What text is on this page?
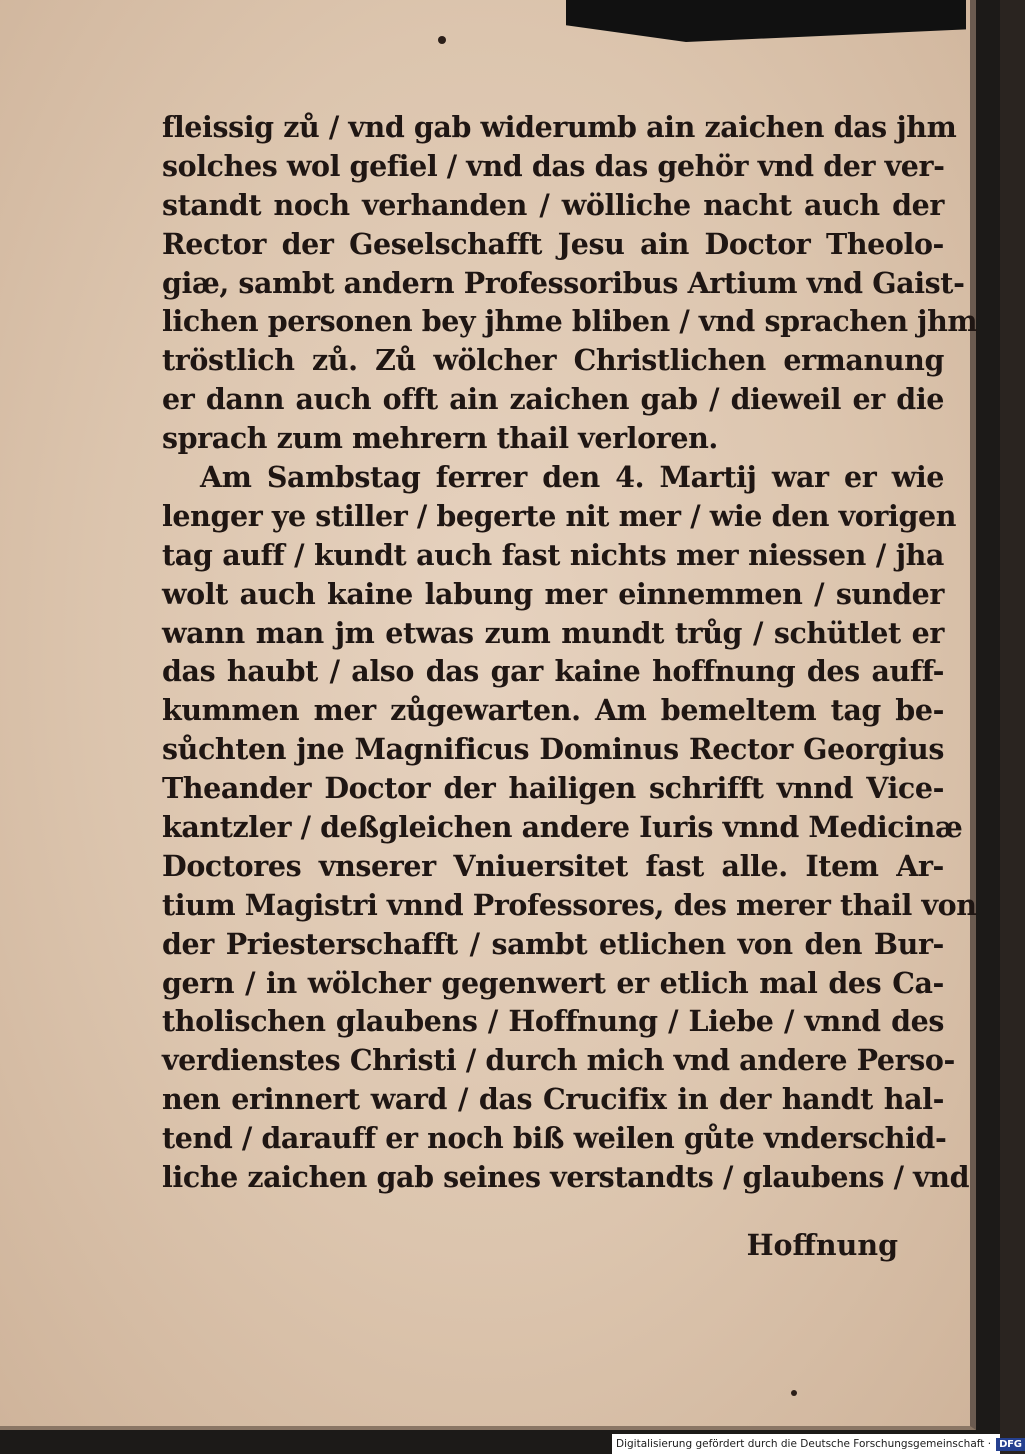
fleissig zů / vnd gab widerumb ain zaichen das jhm
solches wol gefiel / vnd das das gehör vnd der ver-
standt noch verhanden / wölliche nacht auch der
Rector der Geselschafft Jesu ain Doctor Theolo-
giæ, sambt andern Professoribus Artium vnd Gaist-
lichen personen bey jhme bliben / vnd sprachen jhm
tröstlich zů. Zů wölcher Christlichen ermanung
er dann auch offt ain zaichen gab / dieweil er die
sprach zum mehrern thail verloren.
Am Sambstag ferrer den 4. Martij war er wie
lenger ye stiller / begerte nit mer / wie den vorigen
tag auff / kundt auch fast nichts mer niessen / jha
wolt auch kaine labung mer einnemmen / sunder
wann man jm etwas zum mundt trůg / schütlet er
das haubt / also das gar kaine hoffnung des auff-
kummen mer zůgewarten. Am bemeltem tag be-
sůchten jne Magnificus Dominus Rector Georgius
Theander Doctor der hailigen schrifft vnnd Vice-
kantzler / deßgleichen andere Iuris vnnd Medicinæ
Doctores vnserer Vniuersitet fast alle. Item Ar-
tium Magistri vnnd Professores, des merer thail von
der Priesterschafft / sambt etlichen von den Bur-
gern / in wölcher gegenwert er etlich mal des Ca-
tholischen glaubens / Hoffnung / Liebe / vnnd des
verdienstes Christi / durch mich vnd andere Perso-
nen erinnert ward / das Crucifix in der handt hal-
tend / darauff er noch biß weilen gůte vnderschid-
liche zaichen gab seines verstandts / glaubens / vnd
Hoffnung
Digitalisierung gefördert durch die Deutsche Forschungsgemeinschaft · DFG
